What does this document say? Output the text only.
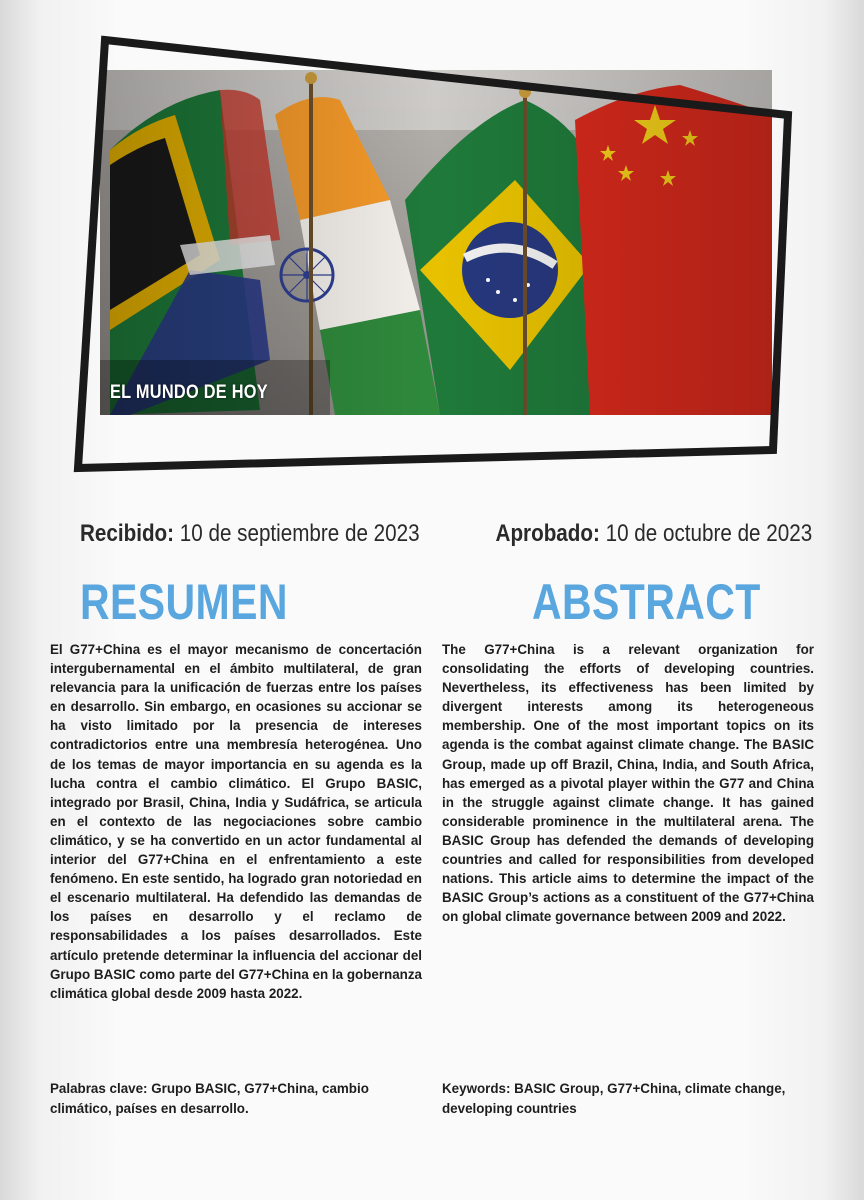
EL MUNDO DE HOY
Recibido: 10 de septiembre de 2023	Aprobado: 10 de octubre de 2023
RESUMEN	ABSTRACT

El G77+China es el mayor mecanismo de concertación intergubernamental en el ámbito multilateral, de gran relevancia para la unificación de fuerzas entre los países en desarrollo. Sin embargo, en ocasiones su accionar se ha visto limitado por la presencia de intereses contradictorios entre una membresía heterogénea. Uno de los temas de mayor importancia en su agenda es la lucha contra el cambio climático. El Grupo BASIC, integrado por Brasil, China, India y Sudáfrica, se articula en el contexto de las negociaciones sobre cambio climático, y se ha convertido en un actor fundamental al interior del G77+China en el enfrentamiento a este fenómeno. En este sentido, ha logrado gran notoriedad en el escenario multilateral. Ha defendido las demandas de los países en desarrollo y el reclamo de responsabilidades a los países desarrollados. Este artículo pretende determinar la influencia del accionar del Grupo BASIC como parte del G77+China en la gobernanza climática global desde 2009 hasta 2022.

The G77+China is a relevant organization for consolidating the efforts of developing countries. Nevertheless, its effectiveness has been limited by divergent interests among its heterogeneous membership. One of the most important topics on its agenda is the combat against climate change. The BASIC Group, made up off Brazil, China, India, and South Africa, has emerged as a pivotal player within the G77 and China in the struggle against climate change. It has gained considerable prominence in the multilateral arena. The BASIC Group has defended the demands of developing countries and called for responsibilities from developed nations. This article aims to determine the impact of the BASIC Group’s actions as a constituent of the G77+China on global climate governance between 2009 and 2022.

Palabras clave: Grupo BASIC, G77+China, cambio climático, países en desarrollo.

Keywords: BASIC Group, G77+China, climate change, developing countries
